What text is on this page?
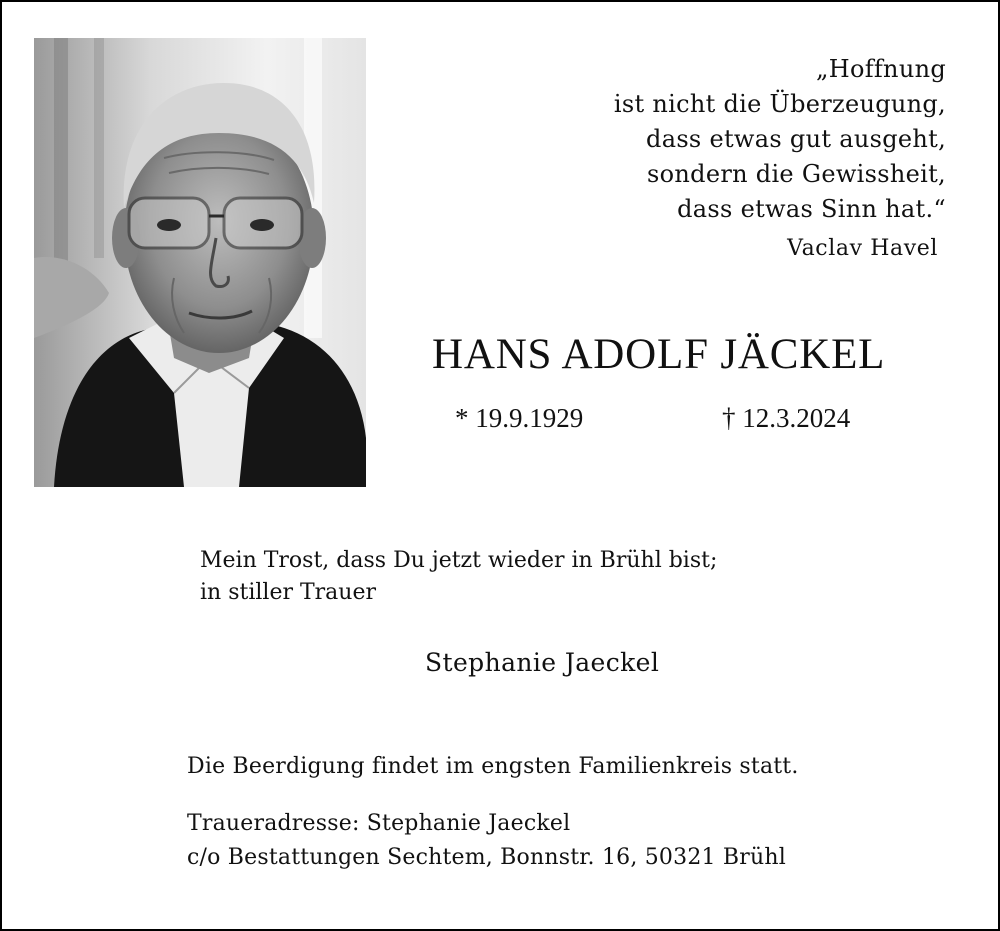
„Hoffnung
ist nicht die Überzeugung,
dass etwas gut ausgeht,
sondern die Gewissheit,
dass etwas Sinn hat.“
Vaclav Havel
HANS ADOLF JÄCKEL
* 19.9.1929	† 12.3.2024
Mein Trost, dass Du jetzt wieder in Brühl bist;
in stiller Trauer
Stephanie Jaeckel
Die Beerdigung findet im engsten Familienkreis statt.
Traueradresse: Stephanie Jaeckel
c/o Bestattungen Sechtem, Bonnstr. 16, 50321 Brühl
